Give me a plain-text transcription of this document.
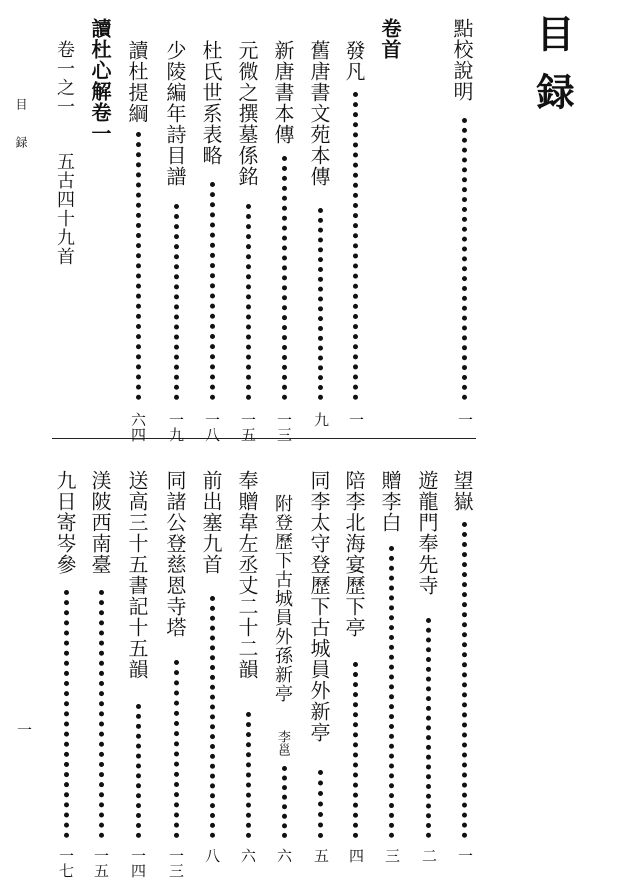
目録
目 録
一
點校說明
一
卷首
發凡
一
舊唐書文苑本傳
九
新唐書本傳
一三
元微之撰墓係銘
一五
杜氏世系表略
一八
少陵編年詩目譜
一九
讀杜提綱
六四
讀杜心解卷一
卷一之一
五古四十九首
望嶽
一
遊龍門奉先寺
二
贈李白
三
陪李北海宴歷下亭
四
同李太守登歷下古城員外新亭
五
附登歷下古城員外孫新亭
李邕
六
奉贈韋左丞丈二十二韻
六
前出塞九首
八
同諸公登慈恩寺塔
一三
送高三十五書記十五韻
一四
渼陂西南臺
一五
九日寄岑參
一七
